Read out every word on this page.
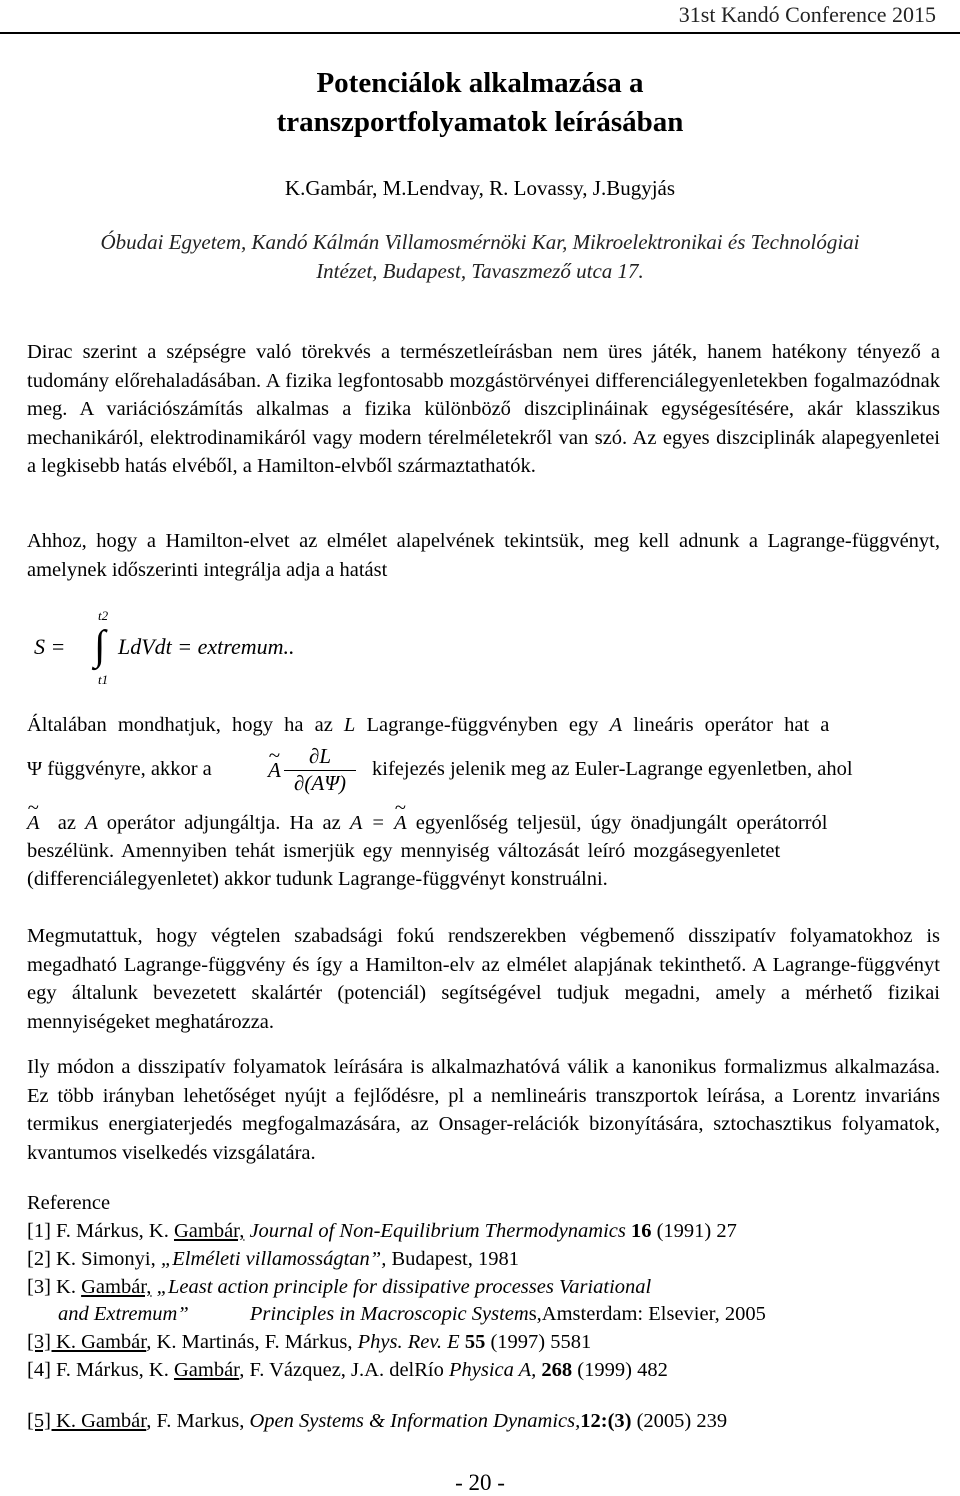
31st Kandó Conference 2015
Potenciálok alkalmazása a
transzportfolyamatok leírásában
K.Gambár, M.Lendvay, R. Lovassy, J.Bugyjás
Óbudai Egyetem, Kandó Kálmán Villamosmérnöki Kar, Mikroelektronikai és Technológiai
Intézet, Budapest, Tavaszmező utca 17.

Dirac szerint a szépségre való törekvés a természetleírásban nem üres játék, hanem hatékony tényező a tudomány előrehaladásában. A fizika legfontosabb mozgástörvényei differenciálegyenletekben fogalmazódnak meg. A variációszámítás alkalmas a fizika különböző diszciplináinak egységesítésére, akár klasszikus mechanikáról, elektrodinamikáról vagy modern térelméletekről van szó. Az egyes diszciplinák alapegyenletei a legkisebb hatás elvéből, a Hamilton-elvből származtathatók.

Ahhoz, hogy a Hamilton-elvet az elmélet alapelvének tekintsük, meg kell adnunk a Lagrange-függvényt, amelynek időszerinti integrálja adja a hatást

S =
t2
∫
t1
LdVdt = extremum..
Általában mondhatjuk, hogy ha az L Lagrange-függvényben egy A lineáris operátor hat a
Ψ függvényre, akkor a	~ A $\frac{\partial L}{\partial(A\Psi)}$ kifejezés jelenik meg az Euler-Lagrange egyenletben, ahol
~ A az A operátor adjungáltja. Ha az A = ~ A egyenlőség teljesül, úgy önadjungált operátorról
beszélünk. Amennyiben tehát ismerjük egy mennyiség változását leíró mozgásegyenletet
(differenciálegyenletet) akkor tudunk Lagrange-függvényt konstruálni.

Megmutattuk, hogy végtelen szabadsági fokú rendszerekben végbemenő disszipatív folyamatokhoz is megadható Lagrange-függvény és így a Hamilton-elv az elmélet alapjának tekinthető. A Lagrange-függvényt egy általunk bevezetett skalártér (potenciál) segítségével tudjuk megadni, amely a mérhető fizikai mennyiségeket meghatározza.

Ily módon a disszipatív folyamatok leírására is alkalmazhatóvá válik a kanonikus formalizmus alkalmazása. Ez több irányban lehetőséget nyújt a fejlődésre, pl a nemlineáris transzportok leírása, a Lorentz invariáns termikus energiaterjedés megfogalmazására, az Onsager-relációk bizonyítására, sztochasztikus folyamatok, kvantumos viselkedés vizsgálatára.

Reference
[1] F. Márkus, K. Gambár, Journal of Non-Equilibrium Thermodynamics 16 (1991) 27
[2] K. Simonyi, „Elméleti villamosságtan”, Budapest, 1981
[3] K. Gambár, „Least action principle for dissipative processes Variational
and Extremum”	Principles in Macroscopic Systems,Amsterdam: Elsevier, 2005
[3] K. Gambár, K. Martinás, F. Márkus, Phys. Rev. E 55 (1997) 5581
[4] F. Márkus, K. Gambár, F. Vázquez, J.A. delRío Physica A, 268 (1999) 482
[5] K. Gambár, F. Markus, Open Systems & Information Dynamics,12:(3) (2005) 239
- 20 -
